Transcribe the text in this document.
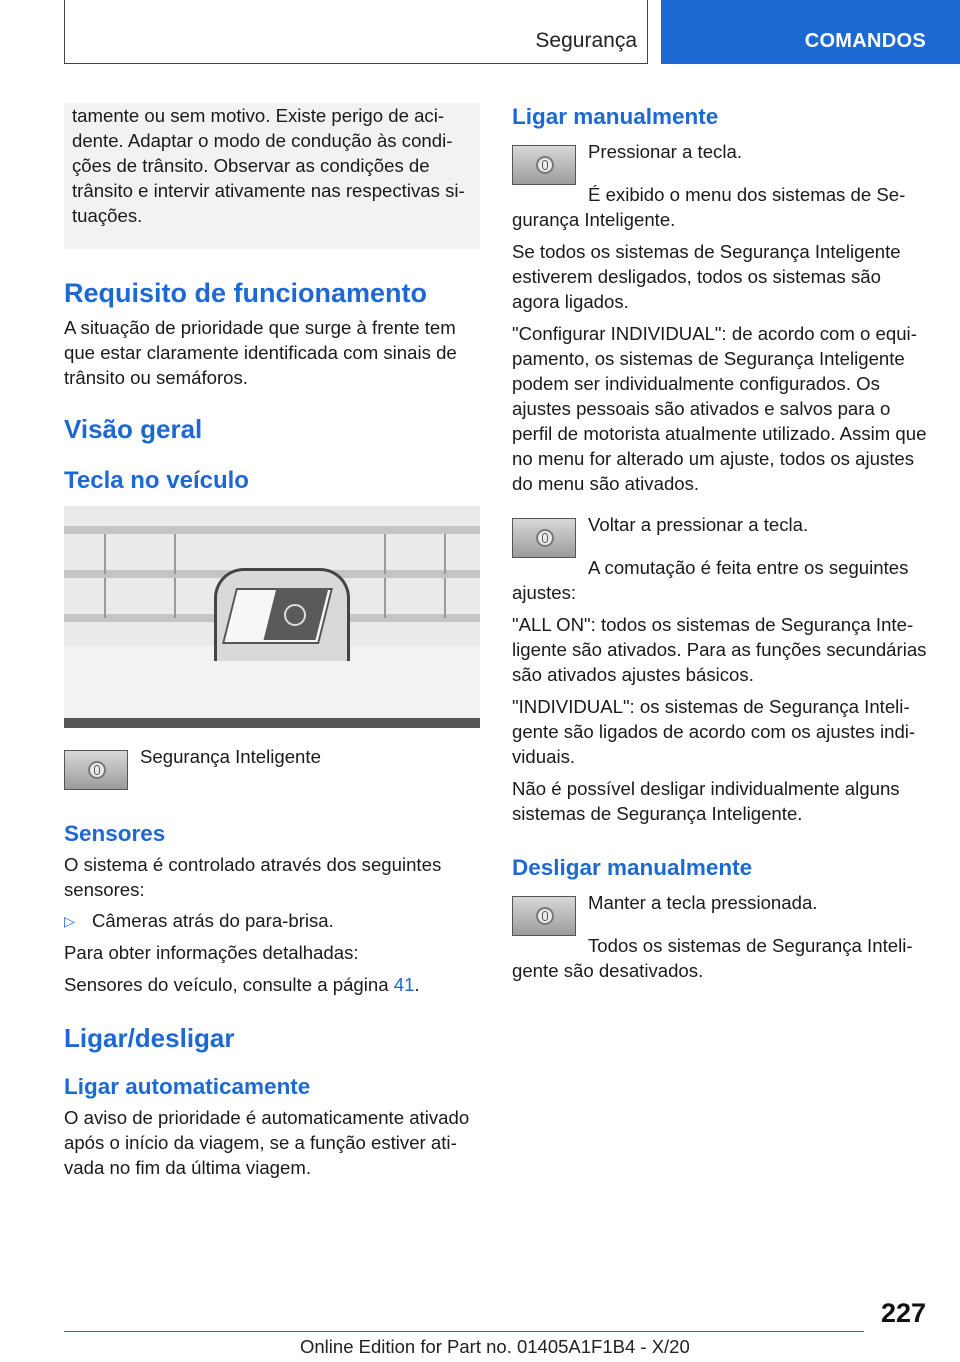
Segurança	COMANDOS

tamente ou sem motivo. Existe perigo de acidente. Adaptar o modo de condução às condições de trânsito. Observar as condições de trânsito e intervir ativamente nas respectivas situações.

Requisito de funcionamento

A situação de prioridade que surge à frente tem que estar claramente identificada com sinais de trânsito ou semáforos.

Visão geral
Tecla no veículo
Segurança Inteligente
Sensores

O sistema é controlado através dos seguintes sensores:

▷ Câmeras atrás do para-brisa.

Para obter informações detalhadas:

Sensores do veículo, consulte a página 41.

Ligar/desligar
Ligar automaticamente

O aviso de prioridade é automaticamente ativado após o início da viagem, se a função estiver ativada no fim da última viagem.

Ligar manualmente

Pressionar a tecla.

É exibido o menu dos sistemas de Segurança Inteligente.

Se todos os sistemas de Segurança Inteligente estiverem desligados, todos os sistemas são agora ligados.

"Configurar INDIVIDUAL": de acordo com o equipamento, os sistemas de Segurança Inteligente podem ser individualmente configurados. Os ajustes pessoais são ativados e salvos para o perfil de motorista atualmente utilizado. Assim que no menu for alterado um ajuste, todos os ajustes do menu são ativados.

Voltar a pressionar a tecla.

A comutação é feita entre os seguintes ajustes:

"ALL ON": todos os sistemas de Segurança Inteligente são ativados. Para as funções secundárias são ativados ajustes básicos.

"INDIVIDUAL": os sistemas de Segurança Inteligente são ligados de acordo com os ajustes individuais.

Não é possível desligar individualmente alguns sistemas de Segurança Inteligente.

Desligar manualmente

Manter a tecla pressionada.

Todos os sistemas de Segurança Inteligente são desativados.

227
Online Edition for Part no. 01405A1F1B4 - X/20
